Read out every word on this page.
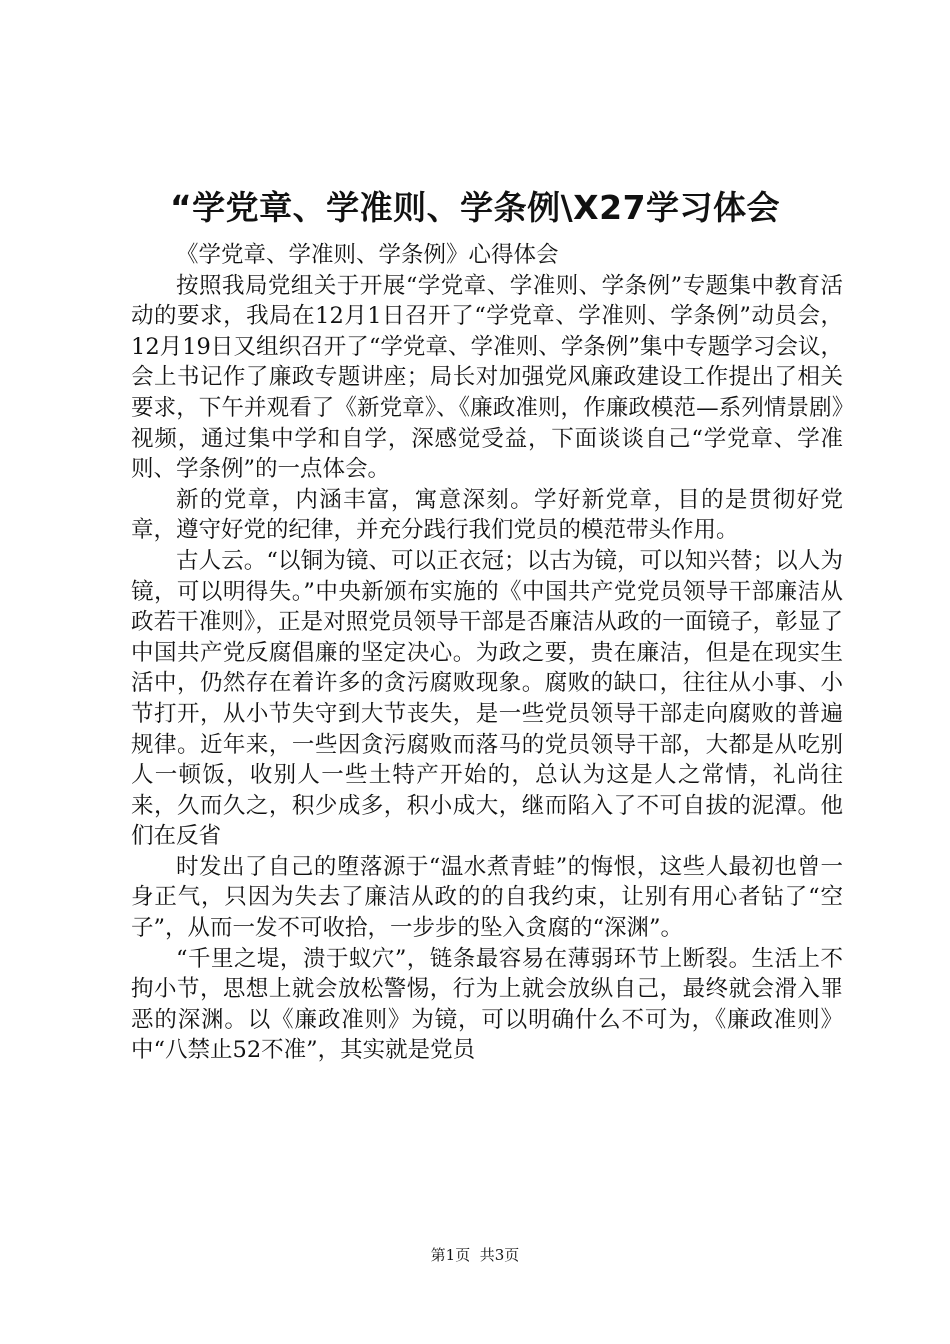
“学党章、学准则、学条例\X27学习体会

《学党章、学准则、学条例》心得体会

按照我局党组关于开展“学党章、学准则、学条例”专题集中教育活动的要求，我局在12月1日召开了“学党章、学准则、学条例”动员会，12月19日又组织召开了“学党章、学准则、学条例”集中专题学习会议，会上书记作了廉政专题讲座；局长对加强党风廉政建设工作提出了相关要求，下午并观看了《新党章》、《廉政准则，作廉政模范—系列情景剧》视频，通过集中学和自学，深感觉受益，下面谈谈自己“学党章、学准则、学条例”的一点体会。

新的党章，内涵丰富，寓意深刻。学好新党章，目的是贯彻好党章，遵守好党的纪律，并充分践行我们党员的模范带头作用。

古人云。“以铜为镜、可以正衣冠；以古为镜，可以知兴替；以人为镜，可以明得失。”中央新颁布实施的《中国共产党党员领导干部廉洁从政若干准则》，正是对照党员领导干部是否廉洁从政的一面镜子，彰显了中国共产党反腐倡廉的坚定决心。为政之要，贵在廉洁，但是在现实生活中，仍然存在着许多的贪污腐败现象。腐败的缺口，往往从小事、小节打开，从小节失守到大节丧失，是一些党员领导干部走向腐败的普遍规律。近年来，一些因贪污腐败而落马的党员领导干部，大都是从吃别人一顿饭，收别人一些土特产开始的，总认为这是人之常情，礼尚往来，久而久之，积少成多，积小成大，继而陷入了不可自拔的泥潭。他们在反省

时发出了自己的堕落源于“温水煮青蛙”的悔恨，这些人最初也曾一身正气，只因为失去了廉洁从政的的自我约束，让别有用心者钻了“空子”，从而一发不可收拾，一步步的坠入贪腐的“深渊”。

“千里之堤，溃于蚁穴”，链条最容易在薄弱环节上断裂。生活上不拘小节，思想上就会放松警惕，行为上就会放纵自己，最终就会滑入罪恶的深渊。以《廉政准则》为镜，可以明确什么不可为，《廉政准则》中“八禁止52不准”，其实就是党员

第1页 共3页
